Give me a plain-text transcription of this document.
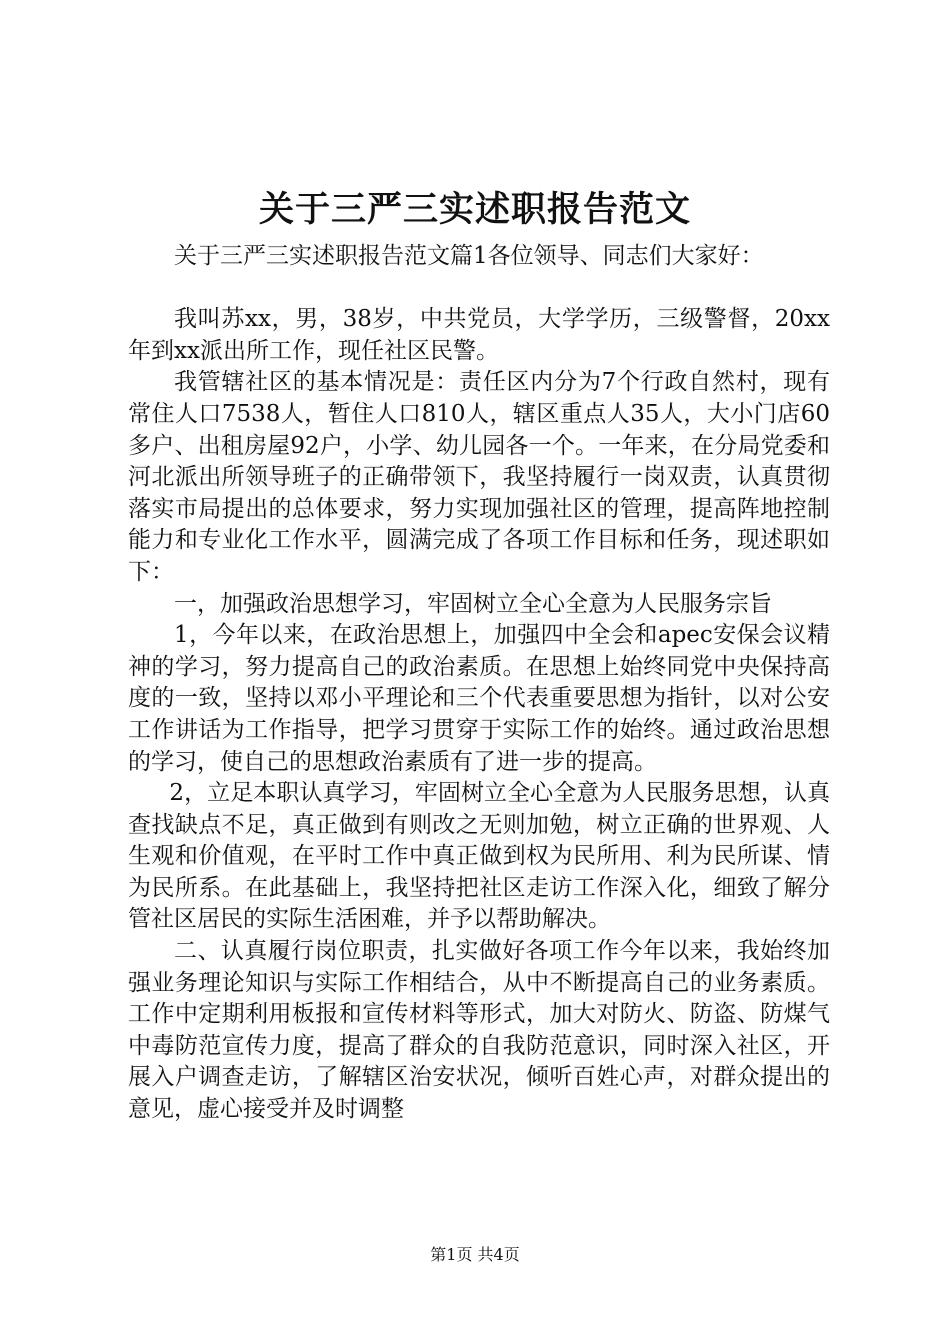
关于三严三实述职报告范文

关于三严三实述职报告范文篇1各位领导、同志们大家好：

我叫苏xx，男，38岁，中共党员，大学学历，三级警督，20xx年到xx派出所工作，现任社区民警。

我管辖社区的基本情况是：责任区内分为7个行政自然村，现有常住人口7538人，暂住人口810人，辖区重点人35人，大小门店60多户、出租房屋92户，小学、幼儿园各一个。一年来，在分局党委和河北派出所领导班子的正确带领下，我坚持履行一岗双责，认真贯彻落实市局提出的总体要求，努力实现加强社区的管理，提高阵地控制能力和专业化工作水平，圆满完成了各项工作目标和任务，现述职如下：

一，加强政治思想学习，牢固树立全心全意为人民服务宗旨

1，今年以来，在政治思想上，加强四中全会和apec安保会议精神的学习，努力提高自己的政治素质。在思想上始终同党中央保持高度的一致，坚持以邓小平理论和三个代表重要思想为指针，以对公安工作讲话为工作指导，把学习贯穿于实际工作的始终。通过政治思想的学习，使自己的思想政治素质有了进一步的提高。

2，立足本职认真学习，牢固树立全心全意为人民服务思想，认真查找缺点不足，真正做到有则改之无则加勉，树立正确的世界观、人生观和价值观，在平时工作中真正做到权为民所用、利为民所谋、情为民所系。在此基础上，我坚持把社区走访工作深入化，细致了解分管社区居民的实际生活困难，并予以帮助解决。

二、认真履行岗位职责，扎实做好各项工作今年以来，我始终加强业务理论知识与实际工作相结合，从中不断提高自己的业务素质。工作中定期利用板报和宣传材料等形式，加大对防火、防盗、防煤气中毒防范宣传力度，提高了群众的自我防范意识，同时深入社区，开展入户调查走访，了解辖区治安状况，倾听百姓心声，对群众提出的意见，虚心接受并及时调整

第1页 共4页
